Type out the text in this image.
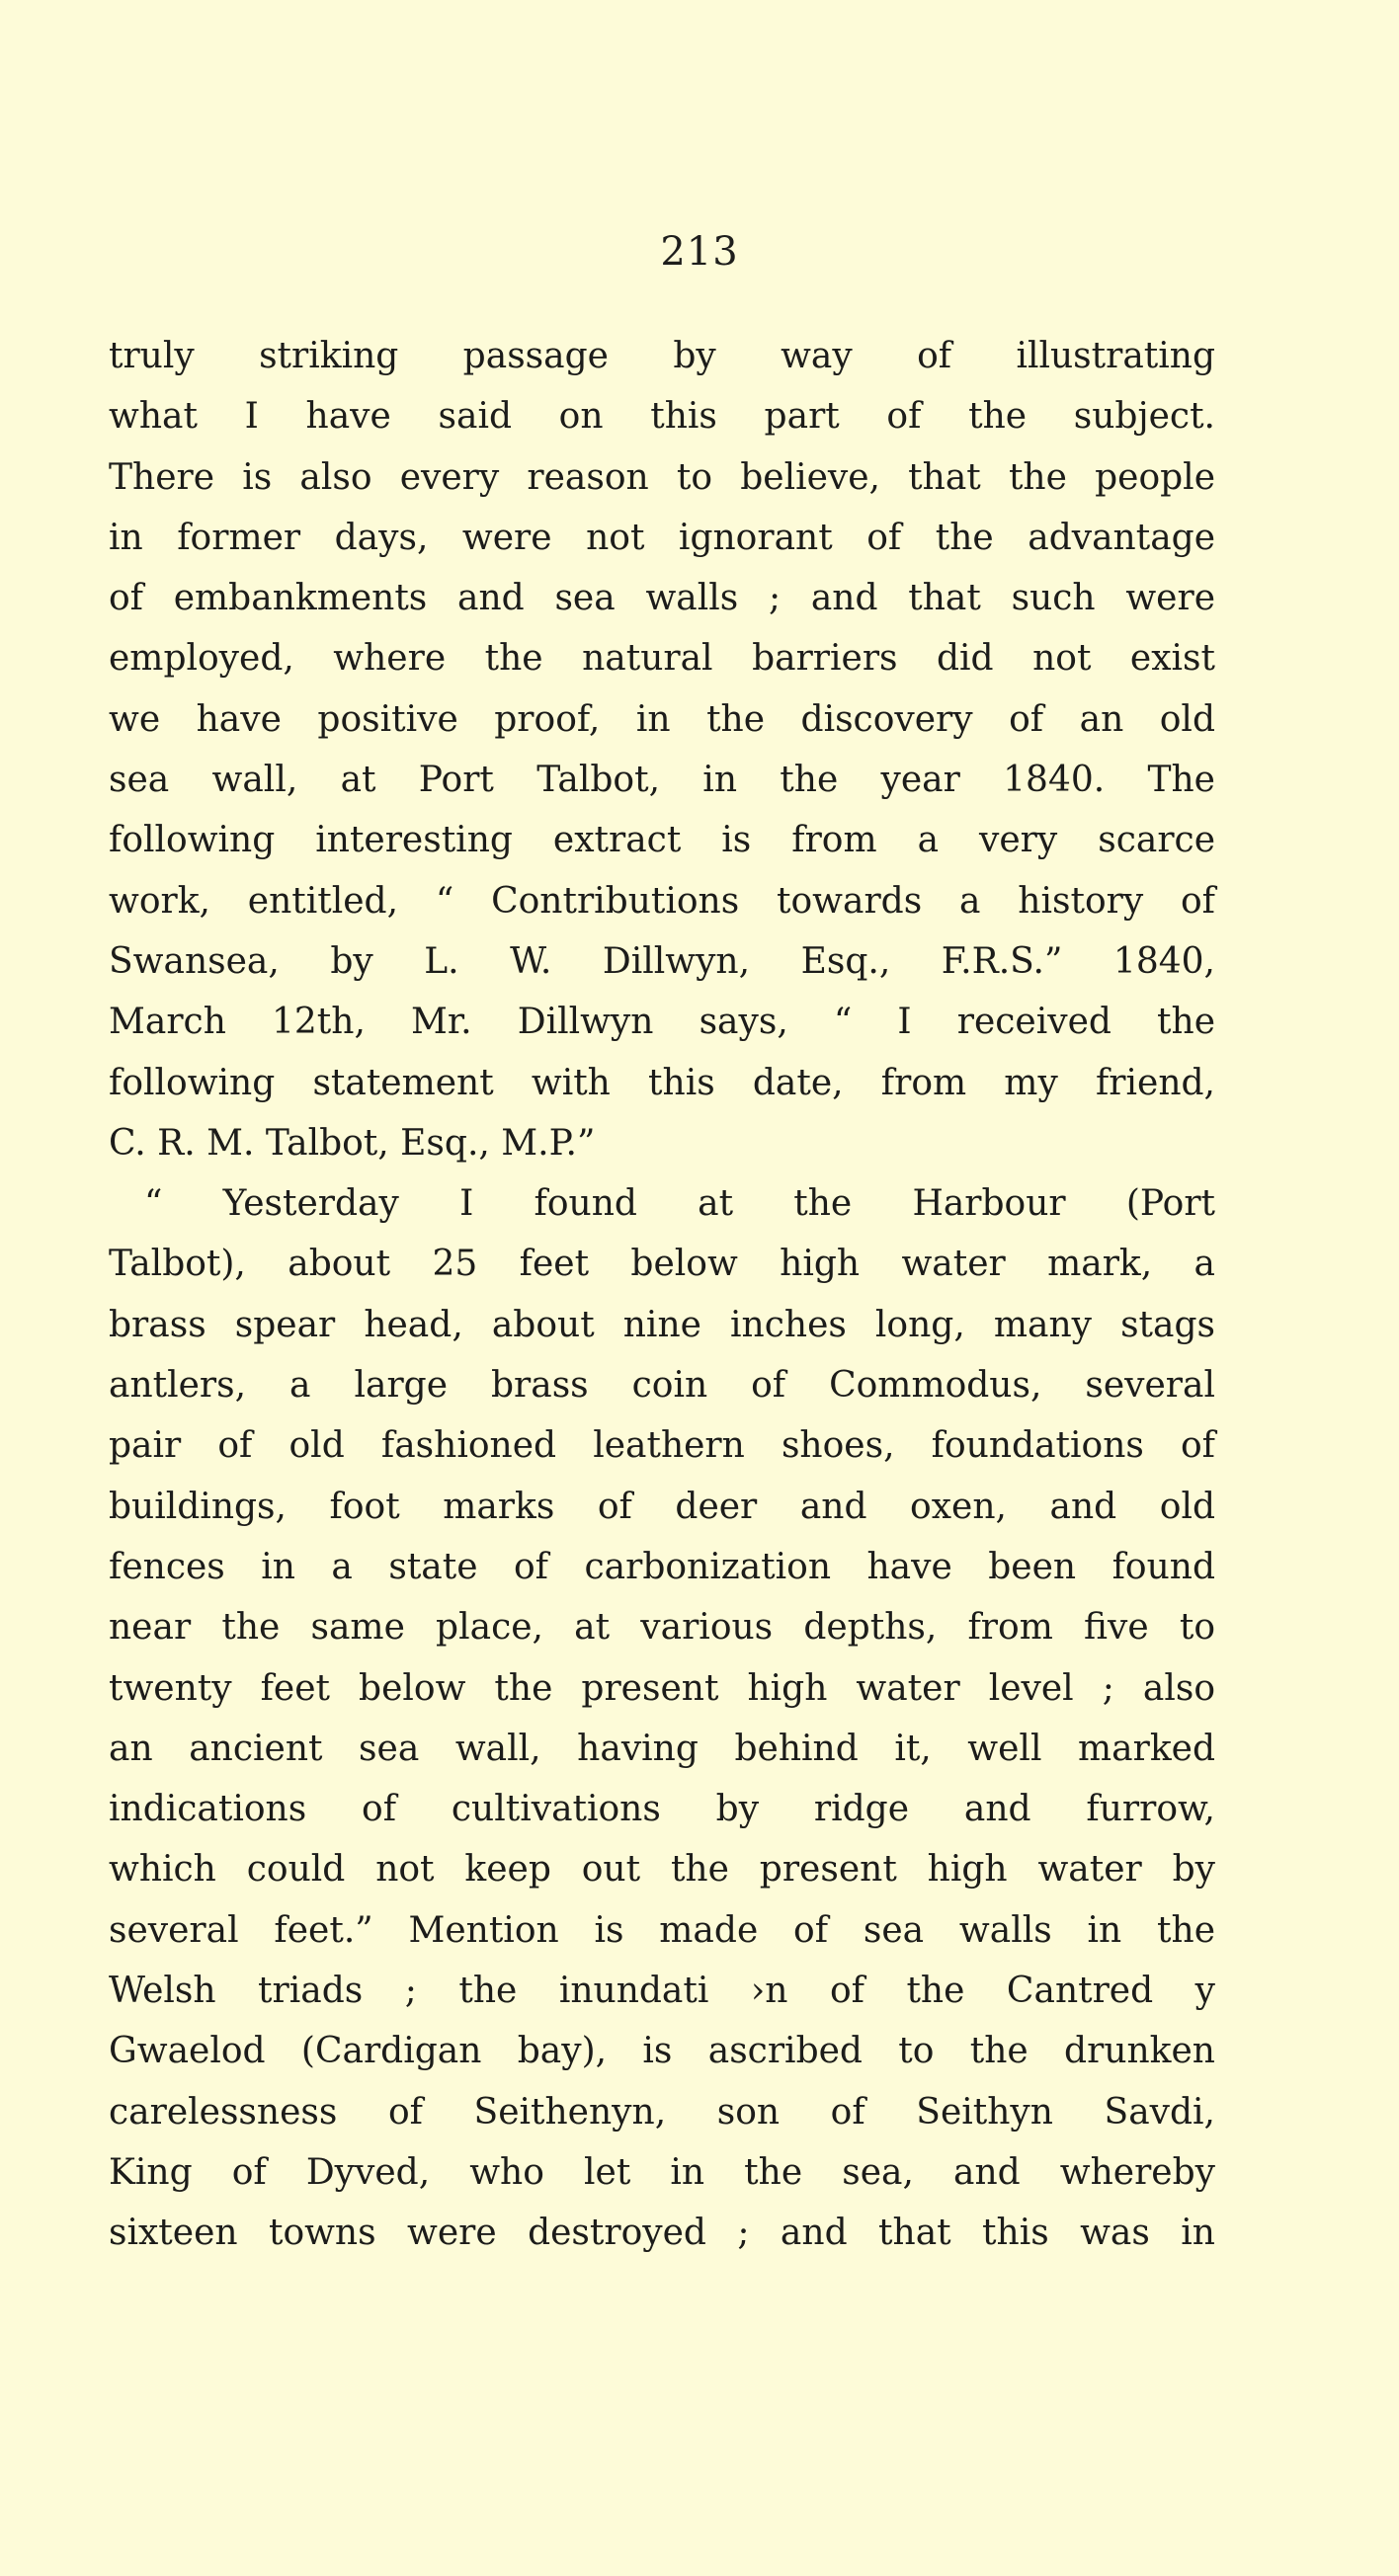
213
truly striking passage by way of illustrating
what I have said on this part of the subject.
There is also every reason to believe, that the people
in former days, were not ignorant of the advantage
of embankments and sea walls ; and that such were
employed, where the natural barriers did not exist
we have positive proof, in the discovery of an old
sea wall, at Port Talbot, in the year 1840. The
following interesting extract is from a very scarce
work, entitled, “ Contributions towards a history of
Swansea, by L. W. Dillwyn, Esq., F.R.S.” 1840,
March 12th, Mr. Dillwyn says, “ I received the
following statement with this date, from my friend,
C. R. M. Talbot, Esq., M.P.”
“ Yesterday I found at the Harbour (Port
Talbot), about 25 feet below high water mark, a
brass spear head, about nine inches long, many stags
antlers, a large brass coin of Commodus, several
pair of old fashioned leathern shoes, foundations of
buildings, foot marks of deer and oxen, and old
fences in a state of carbonization have been found
near the same place, at various depths, from five to
twenty feet below the present high water level ; also
an ancient sea wall, having behind it, well marked
indications of cultivations by ridge and furrow,
which could not keep out the present high water by
several feet.” Mention is made of sea walls in the
Welsh triads ; the inundati ›n of the Cantred y
Gwaelod (Cardigan bay), is ascribed to the drunken
carelessness of Seithenyn, son of Seithyn Savdi,
King of Dyved, who let in the sea, and whereby
sixteen towns were destroyed ; and that this was in
